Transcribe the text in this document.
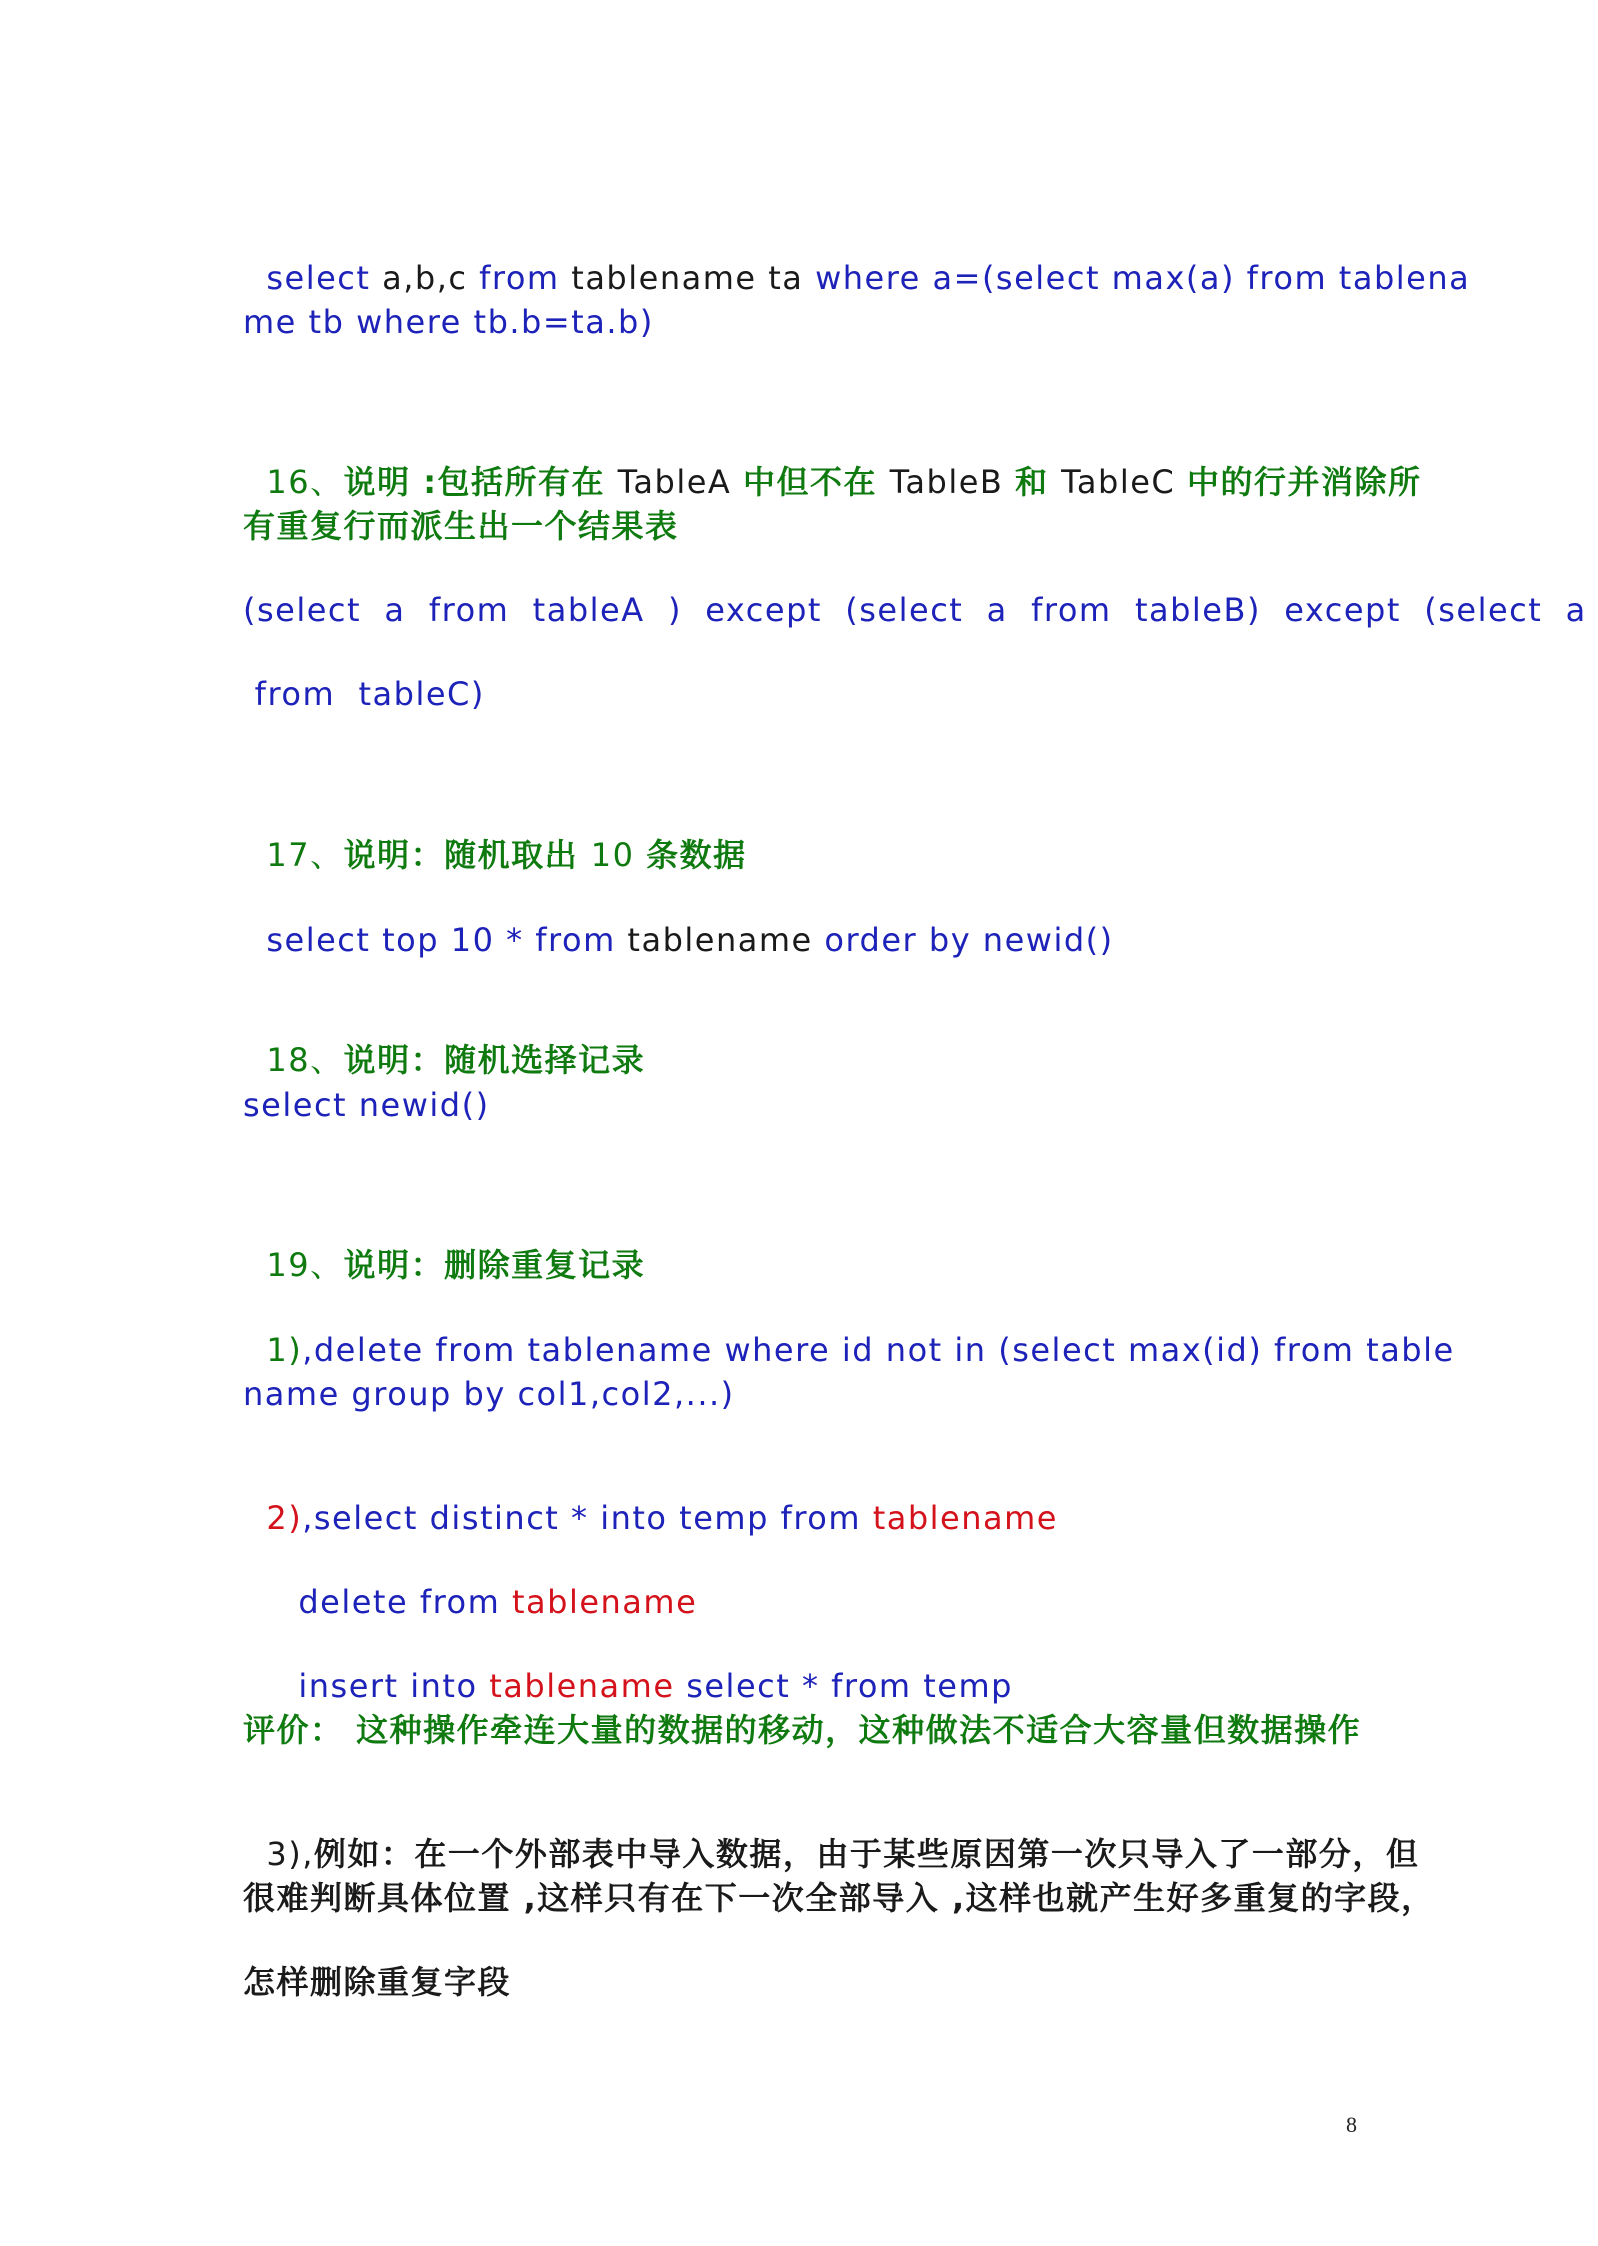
select a,b,c from tablename ta where a=(select max(a) from tablena

me tb where tb.b=ta.b)

16、说明 :包括所有在 TableA 中但不在 TableB 和 TableC 中的行并消除所

有重复行而派生出一个结果表
(select  a  from  tableA  )  except  (select  a  from  tableB)  except  (select  a
from  tableC)

17、说明：随机取出 10 条数据

select top 10 * from tablename order by newid()

18、说明：随机选择记录

select newid()

19、说明：删除重复记录

1),delete from tablename where id not in (select max(id) from table

name group by col1,col2,...)

2),select distinct * into temp from tablename

delete from tablename

insert into tablename select * from temp

评价： 这种操作牵连大量的数据的移动，这种做法不适合大容量但数据操作

3),例如：在一个外部表中导入数据，由于某些原因第一次只导入了一部分，但

很难判断具体位置 ,这样只有在下一次全部导入 ,这样也就产生好多重复的字段，
怎样删除重复字段
8
